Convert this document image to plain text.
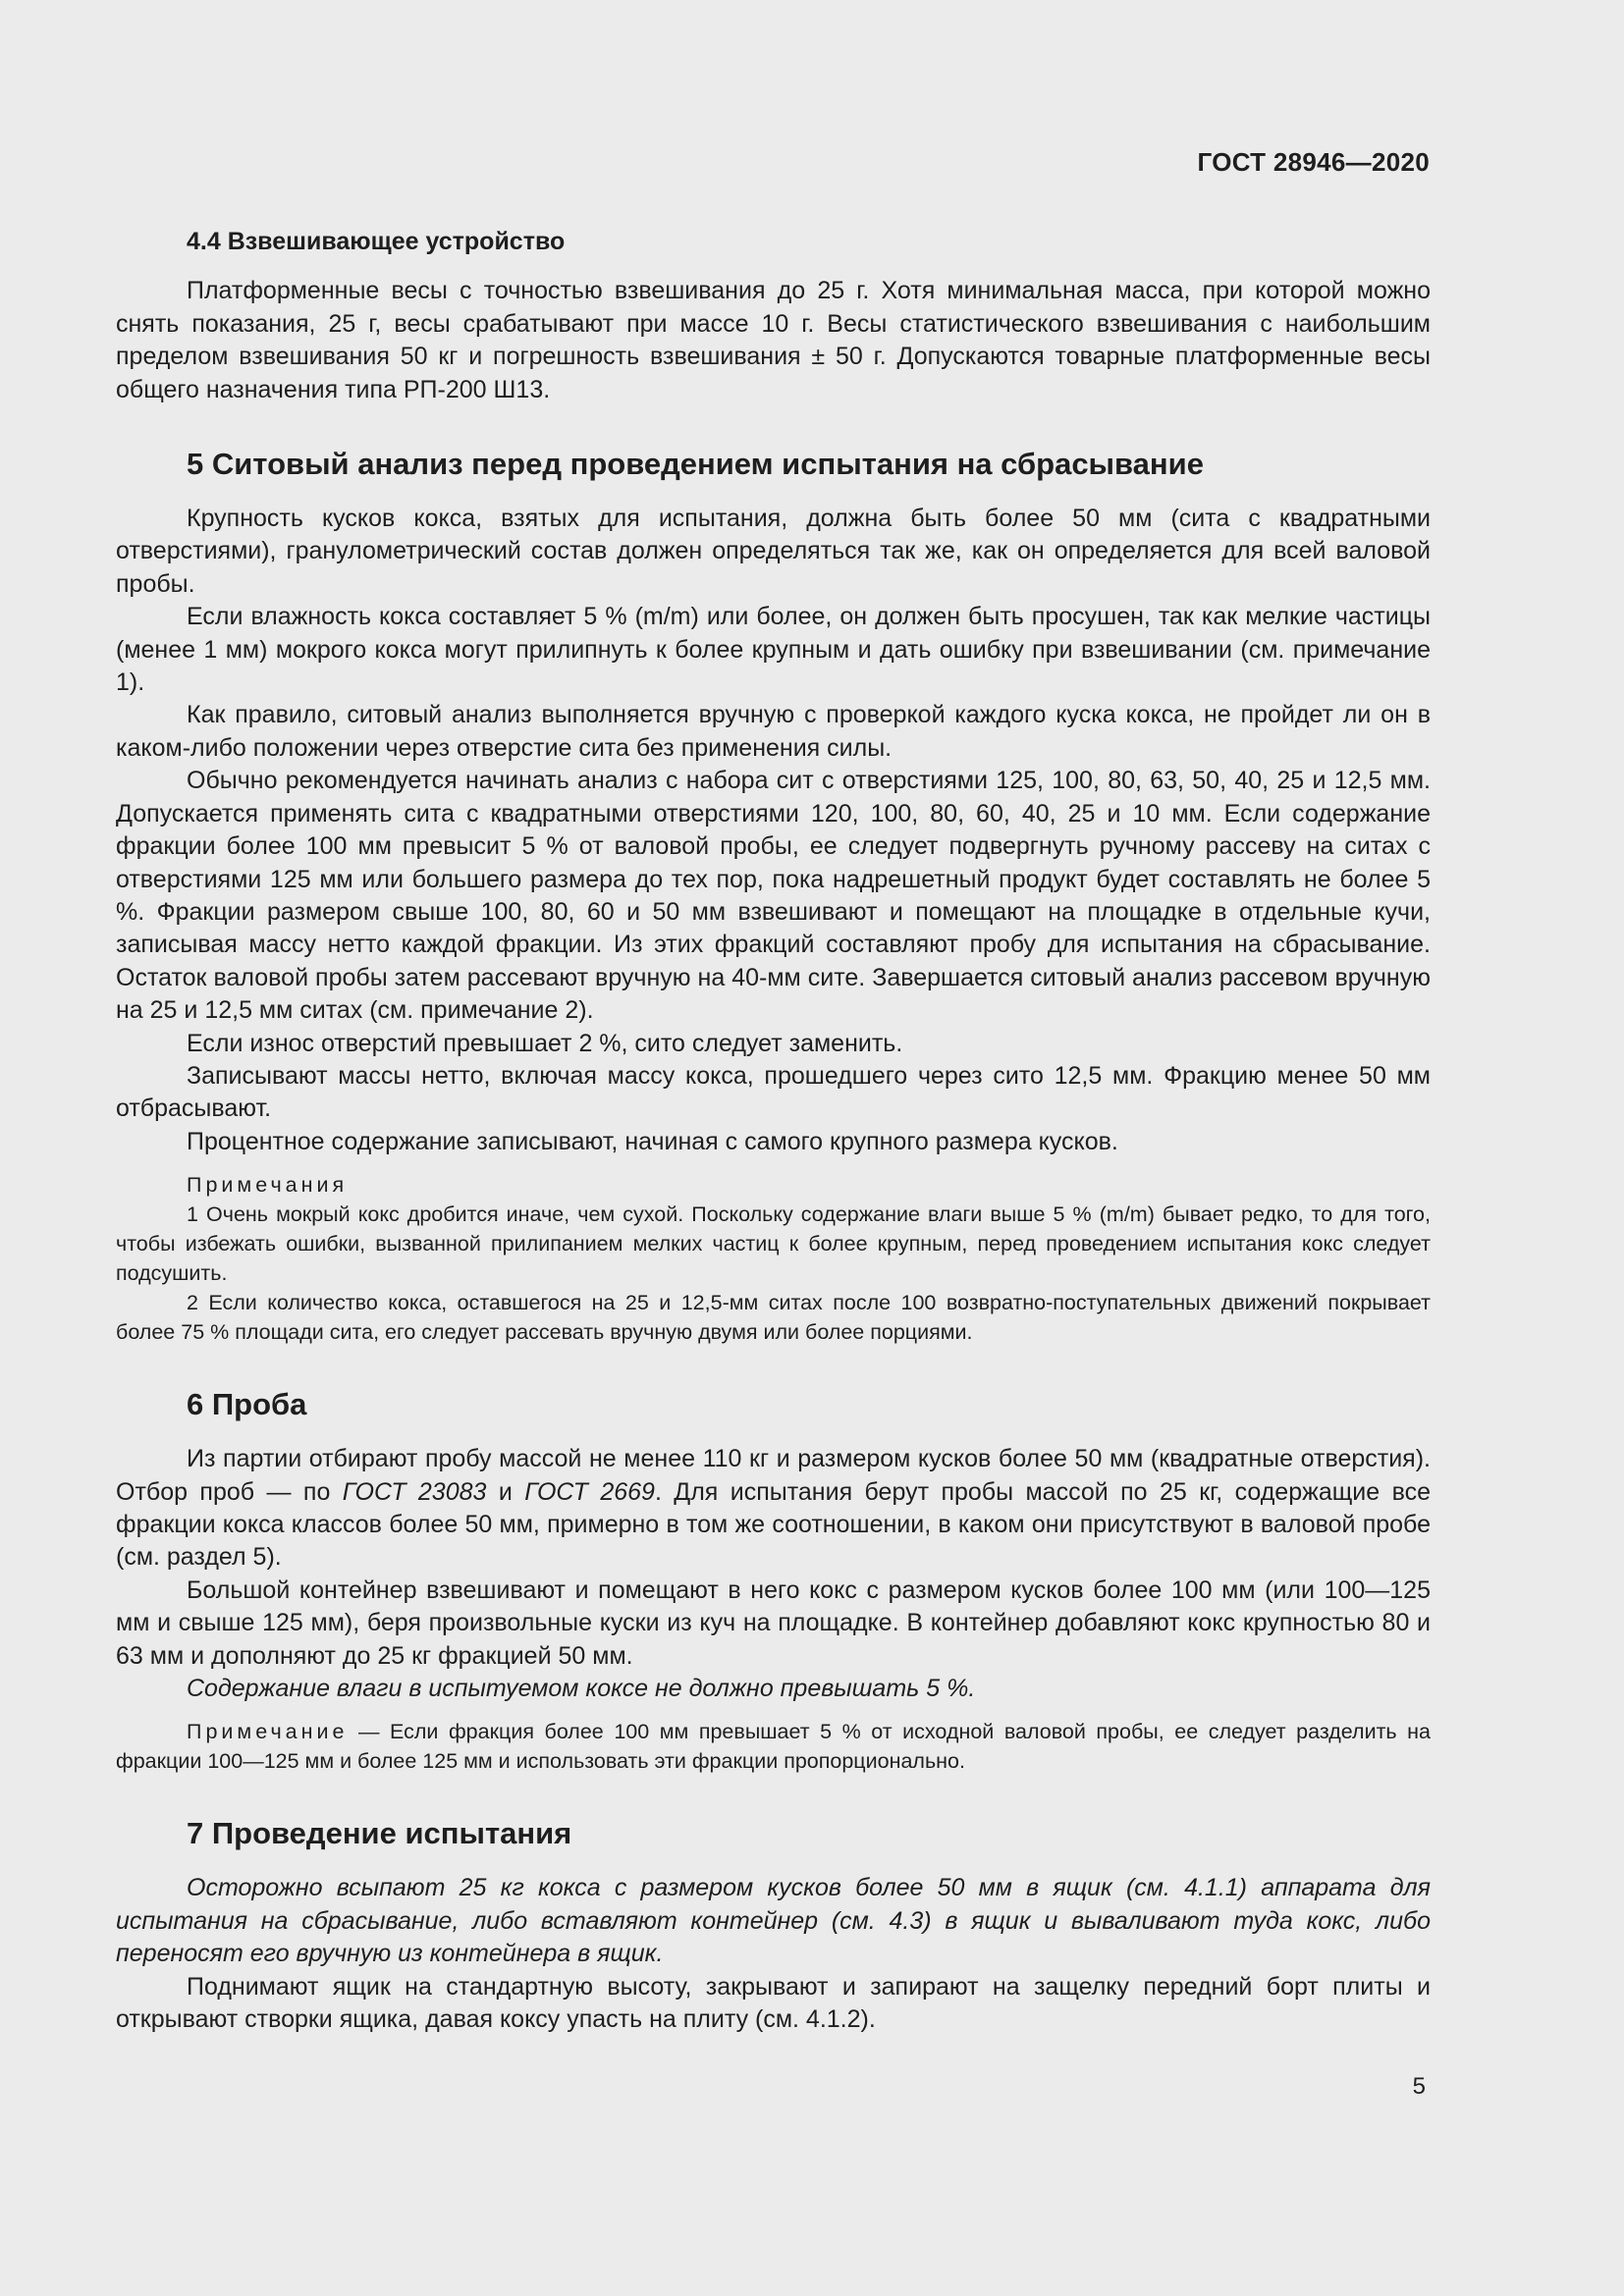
ГОСТ 28946—2020
4.4 Взвешивающее устройство

Платформенные весы с точностью взвешивания до 25 г. Хотя минимальная масса, при которой можно снять показания, 25 г, весы срабатывают при массе 10 г. Весы статистического взвешивания с наибольшим пределом взвешивания 50 кг и погрешность взвешивания ± 50 г. Допускаются товарные платформенные весы общего назначения типа РП-200 Ш13.

5 Ситовый анализ перед проведением испытания на сбрасывание

Крупность кусков кокса, взятых для испытания, должна быть более 50 мм (сита с квадратными отверстиями), гранулометрический состав должен определяться так же, как он определяется для всей валовой пробы.

Если влажность кокса составляет 5 % (m/m) или более, он должен быть просушен, так как мелкие частицы (менее 1 мм) мокрого кокса могут прилипнуть к более крупным и дать ошибку при взвешивании (см. примечание 1).

Как правило, ситовый анализ выполняется вручную с проверкой каждого куска кокса, не пройдет ли он в каком-либо положении через отверстие сита без применения силы.

Обычно рекомендуется начинать анализ с набора сит с отверстиями 125, 100, 80, 63, 50, 40, 25 и 12,5 мм. Допускается применять сита с квадратными отверстиями 120, 100, 80, 60, 40, 25 и 10 мм. Если содержание фракции более 100 мм превысит 5 % от валовой пробы, ее следует подвергнуть ручному рассеву на ситах с отверстиями 125 мм или большего размера до тех пор, пока надрешетный продукт будет составлять не более 5 %. Фракции размером свыше 100, 80, 60 и 50 мм взвешивают и помещают на площадке в отдельные кучи, записывая массу нетто каждой фракции. Из этих фракций составляют пробу для испытания на сбрасывание. Остаток валовой пробы затем рассевают вручную на 40-мм сите. Завершается ситовый анализ рассевом вручную на 25 и 12,5 мм ситах (см. примечание 2).

Если износ отверстий превышает 2 %, сито следует заменить.

Записывают массы нетто, включая массу кокса, прошедшего через сито 12,5 мм. Фракцию менее 50 мм отбрасывают.

Процентное содержание записывают, начиная с самого крупного размера кусков.

Примечания

1 Очень мокрый кокс дробится иначе, чем сухой. Поскольку содержание влаги выше 5 % (m/m) бывает редко, то для того, чтобы избежать ошибки, вызванной прилипанием мелких частиц к более крупным, перед проведением испытания кокс следует подсушить.

2 Если количество кокса, оставшегося на 25 и 12,5-мм ситах после 100 возвратно-поступательных движений покрывает более 75 % площади сита, его следует рассевать вручную двумя или более порциями.

6 Проба

Из партии отбирают пробу массой не менее 110 кг и размером кусков более 50 мм (квадратные отверстия). Отбор проб — по ГОСТ 23083 и ГОСТ 2669. Для испытания берут пробы массой по 25 кг, содержащие все фракции кокса классов более 50 мм, примерно в том же соотношении, в каком они присутствуют в валовой пробе (см. раздел 5).

Большой контейнер взвешивают и помещают в него кокс с размером кусков более 100 мм (или 100—125 мм и свыше 125 мм), беря произвольные куски из куч на площадке. В контейнер добавляют кокс крупностью 80 и 63 мм и дополняют до 25 кг фракцией 50 мм.

Содержание влаги в испытуемом коксе не должно превышать 5 %.

Примечание — Если фракция более 100 мм превышает 5 % от исходной валовой пробы, ее следует разделить на фракции 100—125 мм и более 125 мм и использовать эти фракции пропорционально.

7 Проведение испытания

Осторожно всыпают 25 кг кокса с размером кусков более 50 мм в ящик (см. 4.1.1) аппарата для испытания на сбрасывание, либо вставляют контейнер (см. 4.3) в ящик и вываливают туда кокс, либо переносят его вручную из контейнера в ящик.

Поднимают ящик на стандартную высоту, закрывают и запирают на защелку передний борт плиты и открывают створки ящика, давая коксу упасть на плиту (см. 4.1.2).

5
